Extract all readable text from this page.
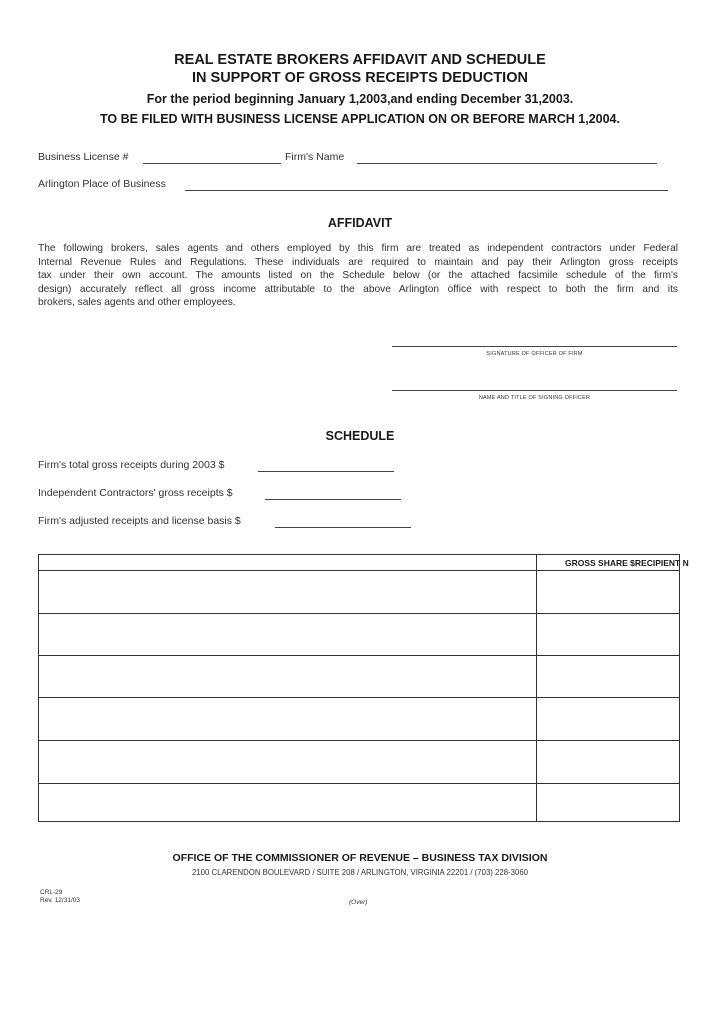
REAL ESTATE BROKERS AFFIDAVIT AND SCHEDULE
IN SUPPORT OF GROSS RECEIPTS DEDUCTION
For the period beginning January 1,2003,and ending December 31,2003.
TO BE FILED WITH BUSINESS LICENSE APPLICATION ON OR BEFORE MARCH 1,2004.
Business License #	Firm's Name
Arlington Place of Business
AFFIDAVIT
The following brokers, sales agents and others employed by this firm are treated as independent contractors under Federal
Internal Revenue Rules and Regulations. These individuals are required to maintain and pay their Arlington gross receipts
tax under their own account. The amounts listed on the Schedule below (or the attached facsimile schedule of the firm's
design) accurately reflect all gross income attributable to the above Arlington office with respect to both the firm and its
brokers, sales agents and other employees.
SIGNATURE OF OFFICER OF FIRM
NAME AND TITLE OF SIGNING OFFICER
SCHEDULE
Firm's total gross receipts during 2003 $
Independent Contractors' gross receipts $
Firm's adjusted receipts and license basis $
GROSS SHARE $RECIPIENT N
OFFICE OF THE COMMISSIONER OF REVENUE – BUSINESS TAX DIVISION
2100 CLARENDON BOULEVARD / SUITE 208 / ARLINGTON, VIRGINIA 22201 / (703) 228-3060
CRL-29
Rev. 12/31/03	(Over)
